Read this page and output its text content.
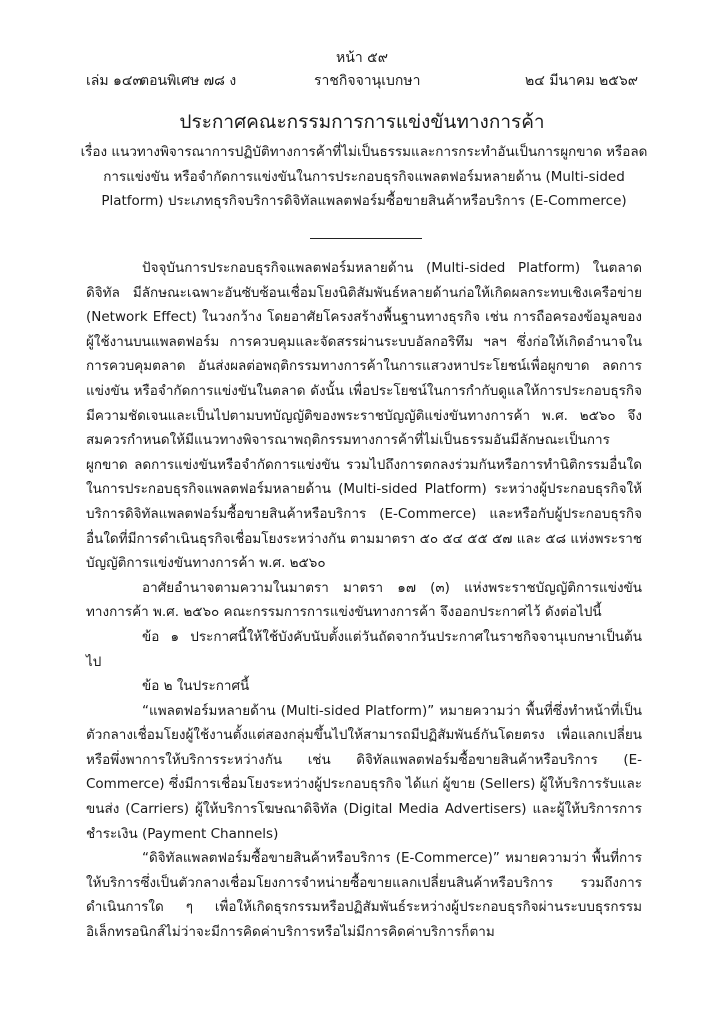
หน้า ๕๙
เล่ม ๑๔๓
ตอนพิเศษ ๗๘ ง	ราชกิจจานุเบกษา	๒๔ มีนาคม ๒๕๖๙
ประกาศคณะกรรมการการแข่งขันทางการค้า
เรื่อง แนวทางพิจารณาการปฏิบัติทางการค้าที่ไม่เป็นธรรมและการกระทำอันเป็นการผูกขาด หรือลดการแข่งขัน หรือจำกัดการแข่งขันในการประกอบธุรกิจแพลตฟอร์มหลายด้าน (Multi-sided Platform) ประเภทธุรกิจบริการดิจิทัลแพลตฟอร์มซื้อขายสินค้าหรือบริการ (E-Commerce)

ปัจจุบันการประกอบธุรกิจแพลตฟอร์มหลายด้าน (Multi-sided Platform) ในตลาดดิจิทัล มีลักษณะเฉพาะอันซับซ้อนเชื่อมโยงนิติสัมพันธ์หลายด้านก่อให้เกิดผลกระทบเชิงเครือข่าย (Network Effect) ในวงกว้าง โดยอาศัยโครงสร้างพื้นฐานทางธุรกิจ เช่น การถือครองข้อมูลของผู้ใช้งานบนแพลตฟอร์ม การควบคุมและจัดสรรผ่านระบบอัลกอริทึม ฯลฯ ซึ่งก่อให้เกิดอำนาจในการควบคุมตลาด อันส่งผลต่อพฤติกรรมทางการค้าในการแสวงหาประโยชน์เพื่อผูกขาด ลดการแข่งขัน หรือจำกัดการแข่งขันในตลาด ดังนั้น เพื่อประโยชน์ในการกำกับดูแลให้การประกอบธุรกิจมีความชัดเจนและเป็นไปตามบทบัญญัติของพระราชบัญญัติแข่งขันทางการค้า พ.ศ. ๒๕๖๐ จึงสมควรกำหนดให้มีแนวทางพิจารณาพฤติกรรมทางการค้าที่ไม่เป็นธรรมอันมีลักษณะเป็นการผูกขาด ลดการแข่งขันหรือจำกัดการแข่งขัน รวมไปถึงการตกลงร่วมกันหรือการทำนิติกรรมอื่นใดในการประกอบธุรกิจแพลตฟอร์มหลายด้าน (Multi-sided Platform) ระหว่างผู้ประกอบธุรกิจให้บริการดิจิทัลแพลตฟอร์มซื้อขายสินค้าหรือบริการ (E-Commerce) และหรือกับผู้ประกอบธุรกิจอื่นใดที่มีการดำเนินธุรกิจเชื่อมโยงระหว่างกัน ตามมาตรา ๕๐ ๕๔ ๕๕ ๕๗ และ ๕๘ แห่งพระราชบัญญัติการแข่งขันทางการค้า พ.ศ. ๒๕๖๐

อาศัยอำนาจตามความในมาตรา มาตรา ๑๗ (๓) แห่งพระราชบัญญัติการแข่งขันทางการค้า พ.ศ. ๒๕๖๐ คณะกรรมการการแข่งขันทางการค้า จึงออกประกาศไว้ ดังต่อไปนี้

ข้อ ๑ ประกาศนี้ให้ใช้บังคับนับตั้งแต่วันถัดจากวันประกาศในราชกิจจานุเบกษาเป็นต้นไป

ข้อ ๒ ในประกาศนี้

“แพลตฟอร์มหลายด้าน (Multi-sided Platform)” หมายความว่า พื้นที่ซึ่งทำหน้าที่เป็นตัวกลางเชื่อมโยงผู้ใช้งานตั้งแต่สองกลุ่มขึ้นไปให้สามารถมีปฏิสัมพันธ์กันโดยตรง เพื่อแลกเปลี่ยนหรือพึ่งพาการให้บริการระหว่างกัน เช่น ดิจิทัลแพลตฟอร์มซื้อขายสินค้าหรือบริการ (E-Commerce) ซึ่งมีการเชื่อมโยงระหว่างผู้ประกอบธุรกิจ ได้แก่ ผู้ขาย (Sellers) ผู้ให้บริการรับและขนส่ง (Carriers) ผู้ให้บริการโฆษณาดิจิทัล (Digital Media Advertisers) และผู้ให้บริการการชำระเงิน (Payment Channels)

“ดิจิทัลแพลตฟอร์มซื้อขายสินค้าหรือบริการ (E-Commerce)” หมายความว่า พื้นที่การให้บริการซึ่งเป็นตัวกลางเชื่อมโยงการจำหน่ายซื้อขายแลกเปลี่ยนสินค้าหรือบริการ รวมถึงการดำเนินการใด ๆ เพื่อให้เกิดธุรกรรมหรือปฏิสัมพันธ์ระหว่างผู้ประกอบธุรกิจผ่านระบบธุรกรรมอิเล็กทรอนิกส์ไม่ว่าจะมีการคิดค่าบริการหรือไม่มีการคิดค่าบริการก็ตาม
